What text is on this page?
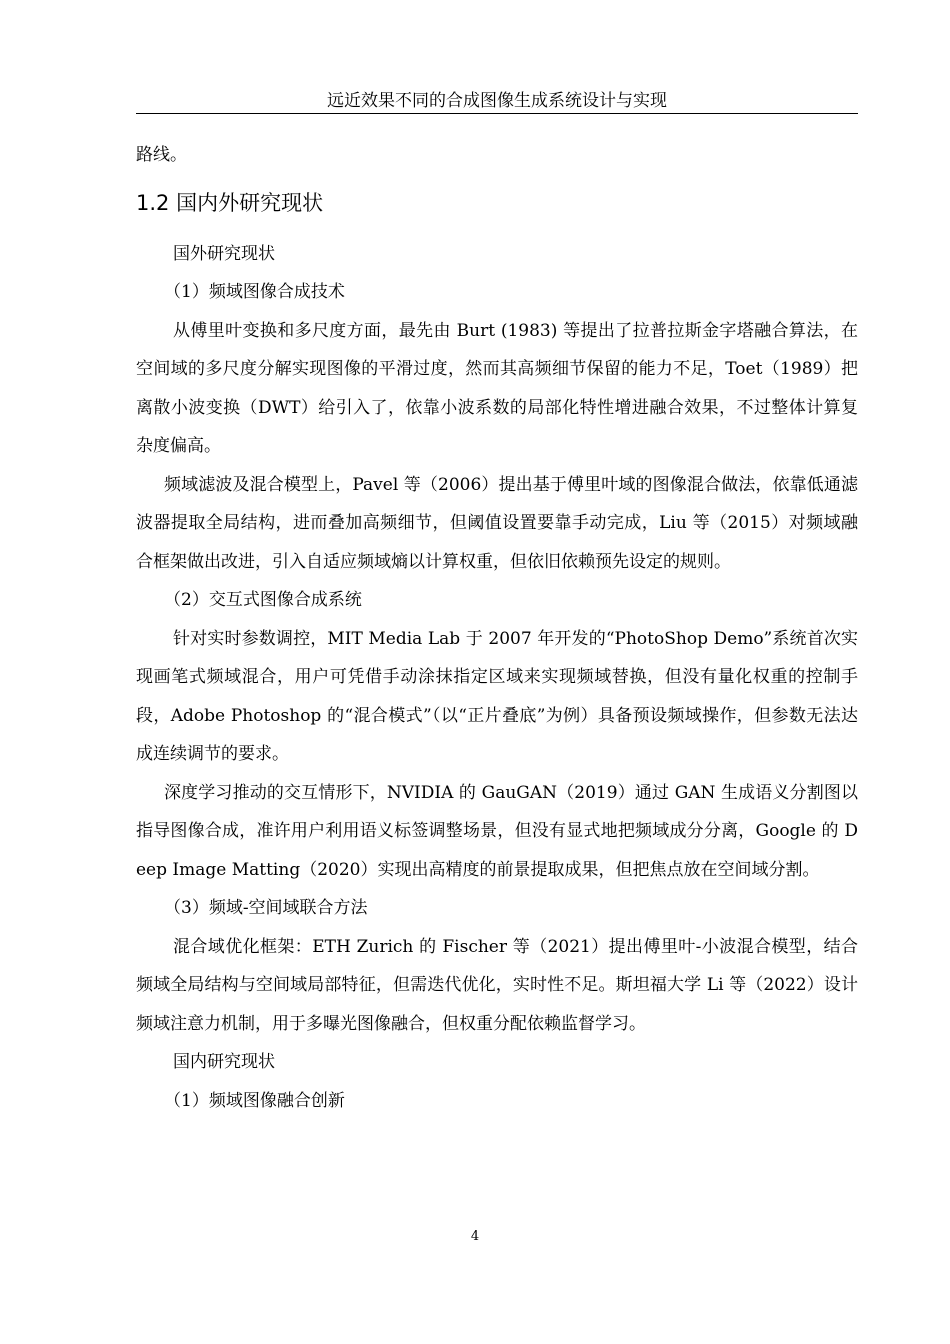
远近效果不同的合成图像生成系统设计与实现

路线。

1.2 国内外研究现状

国外研究现状

（1）频域图像合成技术

从傅里叶变换和多尺度方面，最先由 Burt (1983) 等提出了拉普拉斯金字塔融合算法，在空间域的多尺度分解实现图像的平滑过度，然而其高频细节保留的能力不足，Toet（1989）把离散小波变换（DWT）给引入了，依靠小波系数的局部化特性增进融合效果，不过整体计算复杂度偏高。

频域滤波及混合模型上，Pavel 等（2006）提出基于傅里叶域的图像混合做法，依靠低通滤波器提取全局结构，进而叠加高频细节，但阈值设置要靠手动完成，Liu 等（2015）对频域融合框架做出改进，引入自适应频域熵以计算权重，但依旧依赖预先设定的规则。

（2）交互式图像合成系统

针对实时参数调控，MIT Media Lab 于 2007 年开发的“PhotoShop Demo”系统首次实现画笔式频域混合，用户可凭借手动涂抹指定区域来实现频域替换，但没有量化权重的控制手段，Adobe Photoshop 的“混合模式”（以“正片叠底”为例）具备预设频域操作，但参数无法达成连续调节的要求。

深度学习推动的交互情形下，NVIDIA 的 GauGAN（2019）通过 GAN 生成语义分割图以指导图像合成，准许用户利用语义标签调整场景，但没有显式地把频域成分分离，Google 的 Deep Image Matting（2020）实现出高精度的前景提取成果，但把焦点放在空间域分割。

（3）频域-空间域联合方法

混合域优化框架：ETH Zurich 的 Fischer 等（2021）提出傅里叶-小波混合模型，结合频域全局结构与空间域局部特征，但需迭代优化，实时性不足。斯坦福大学 Li 等（2022）设计频域注意力机制，用于多曝光图像融合，但权重分配依赖监督学习。

国内研究现状

（1）频域图像融合创新

4
